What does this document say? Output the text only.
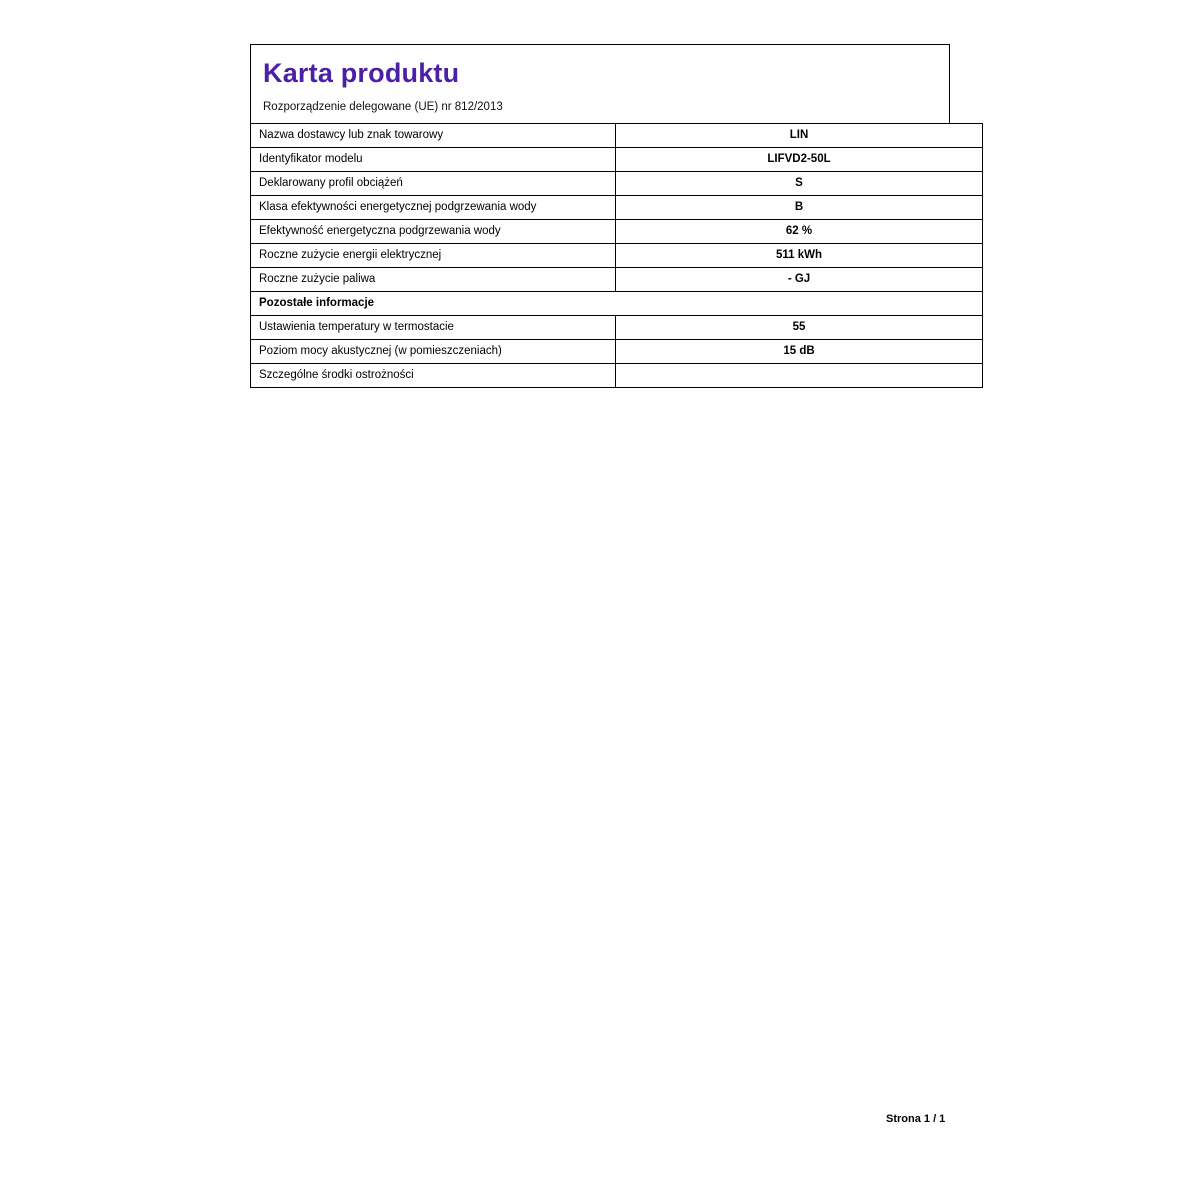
Karta produktu

Rozporządzenie delegowane (UE) nr 812/2013

Nazwa dostawcy lub znak towarowy	LIN
Identyfikator modelu	LIFVD2-50L
Deklarowany profil obciążeń	S
Klasa efektywności energetycznej podgrzewania wody	B
Efektywność energetyczna podgrzewania wody	62 %
Roczne zużycie energii elektrycznej	511 kWh
Roczne zużycie paliwa	- GJ
Pozostałe informacje	
Ustawienia temperatury w termostacie	55
Poziom mocy akustycznej (w pomieszczeniach)	15 dB
Szczególne środki ostrożności	
Strona 1 / 1
